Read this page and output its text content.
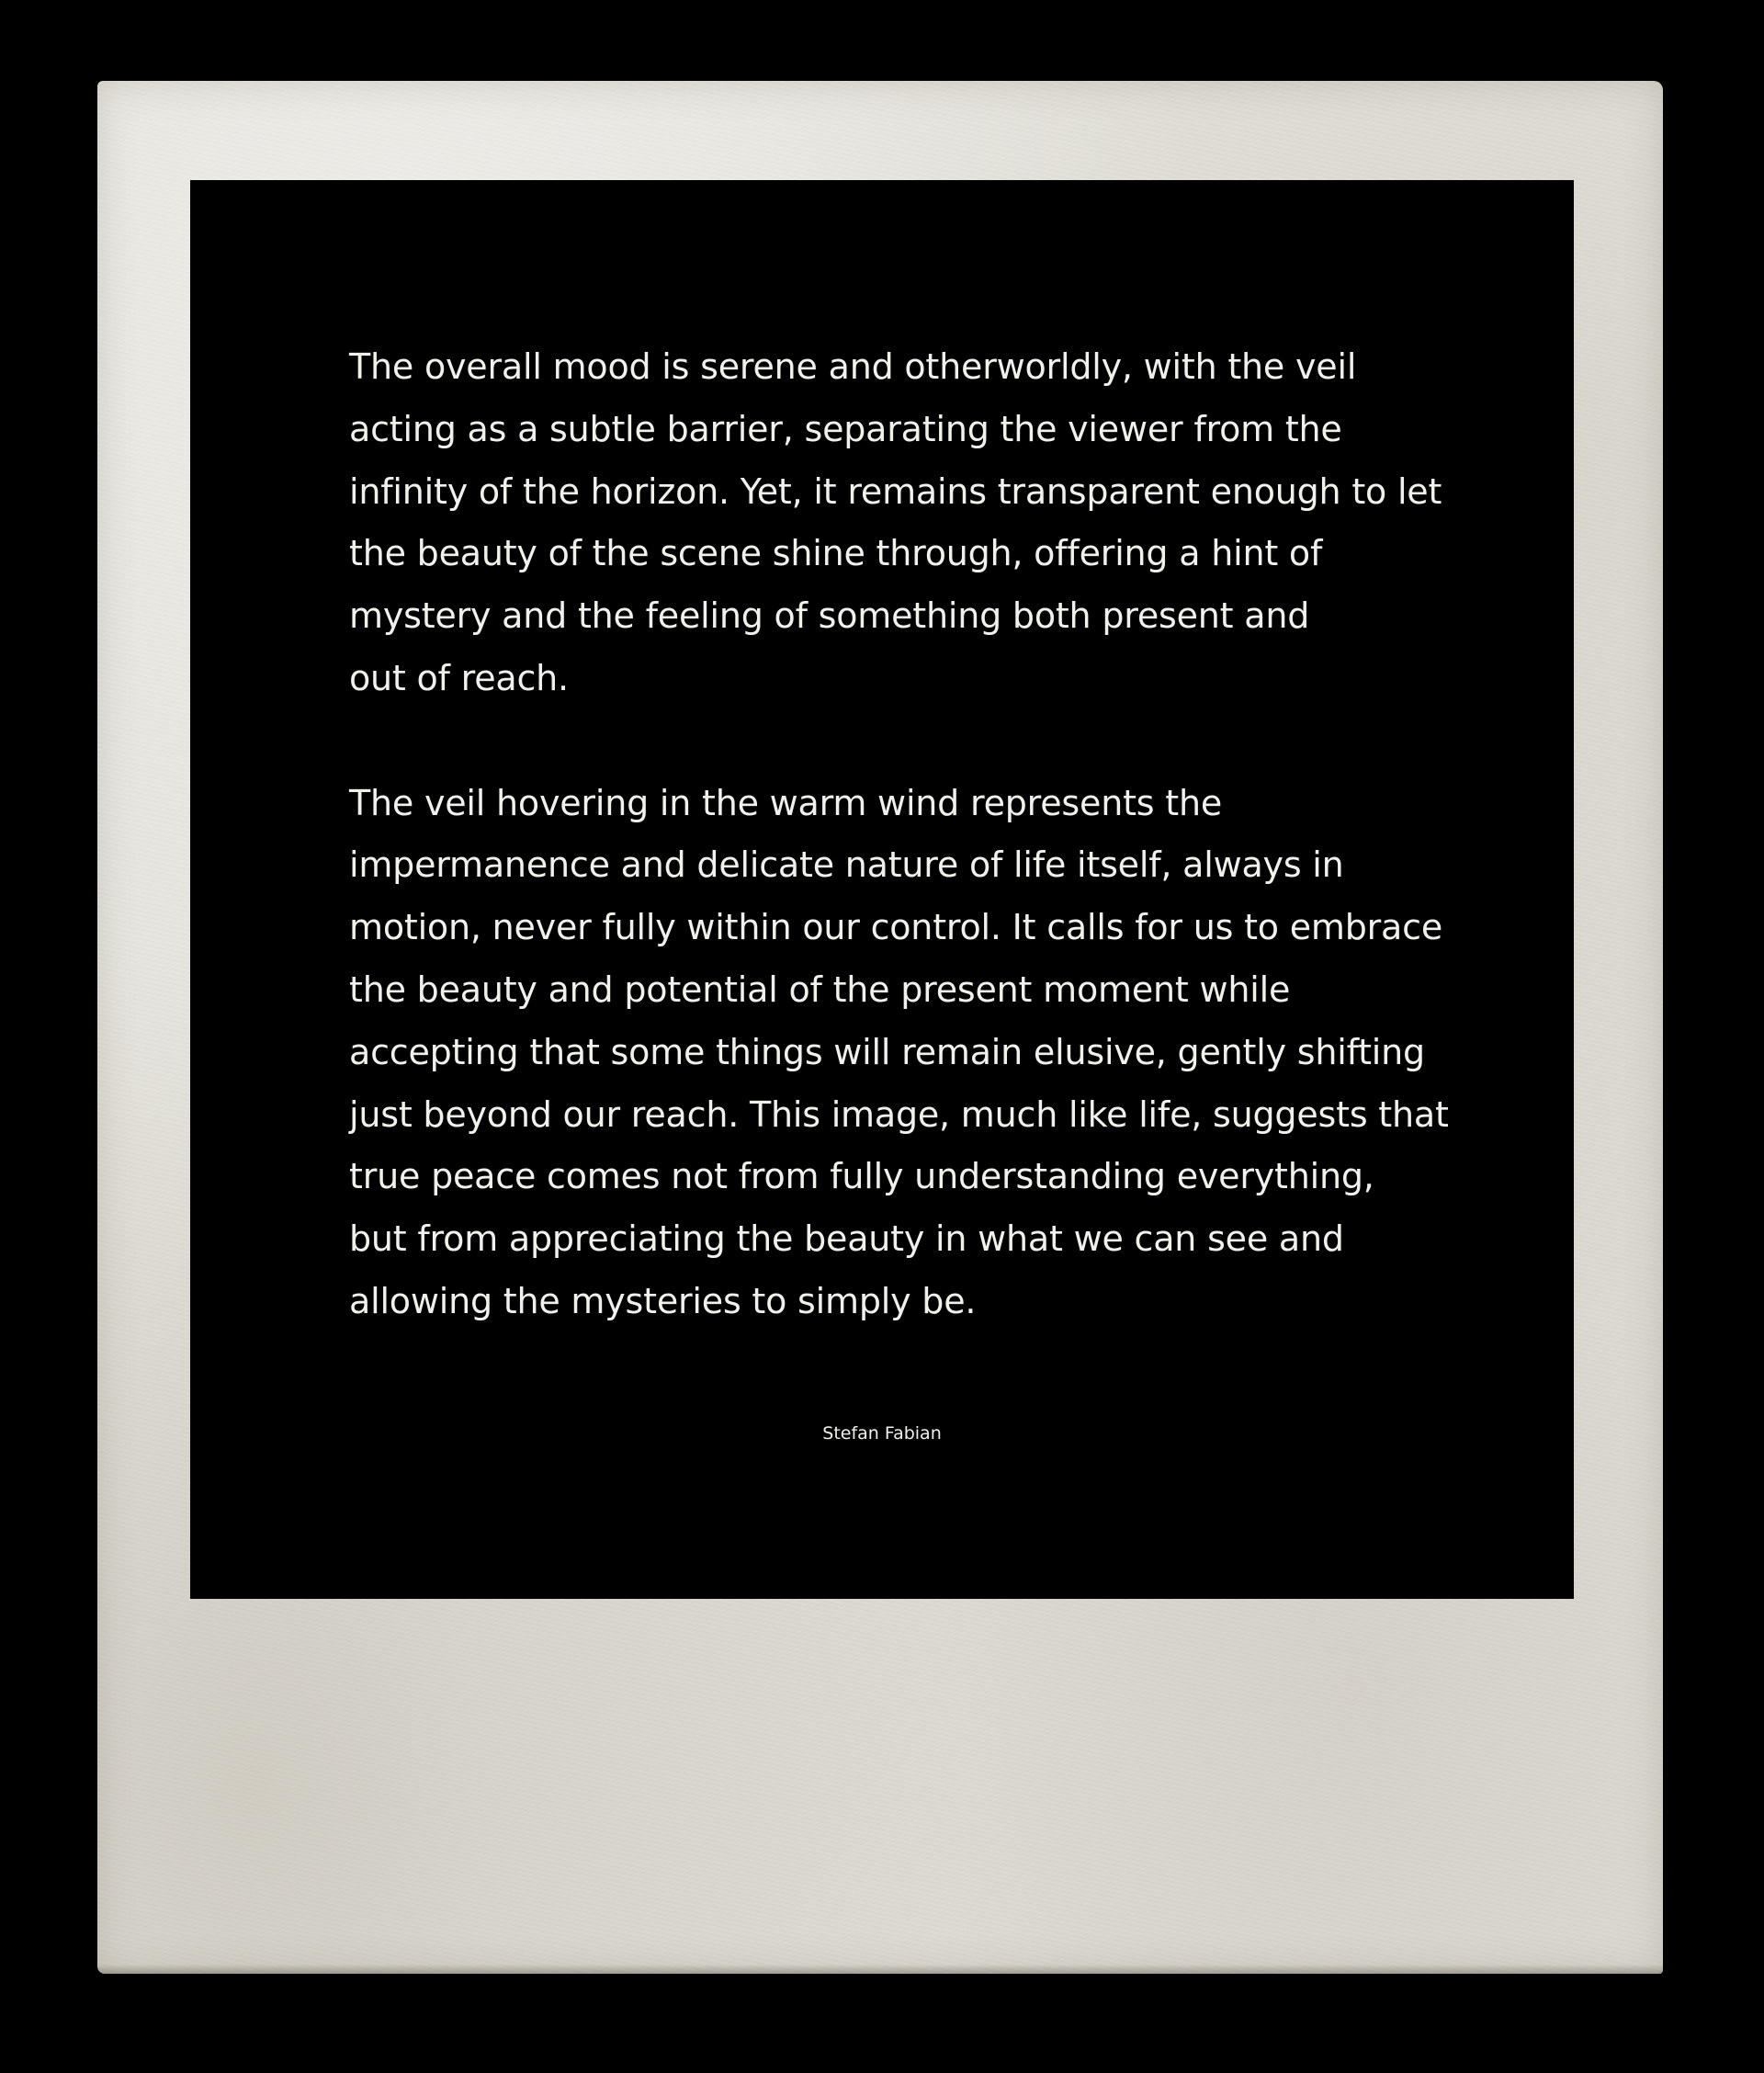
The overall mood is serene and otherworldly, with the veil

acting as a subtle barrier, separating the viewer from the

infinity of the horizon. Yet, it remains transparent enough to let

the beauty of the scene shine through, offering a hint of

mystery and the feeling of something both present and

out of reach.

The veil hovering in the warm wind represents the

impermanence and delicate nature of life itself, always in

motion, never fully within our control. It calls for us to embrace

the beauty and potential of the present moment while

accepting that some things will remain elusive, gently shifting

just beyond our reach. This image, much like life, suggests that

true peace comes not from fully understanding everything,

but from appreciating the beauty in what we can see and

allowing the mysteries to simply be.

Stefan Fabian
